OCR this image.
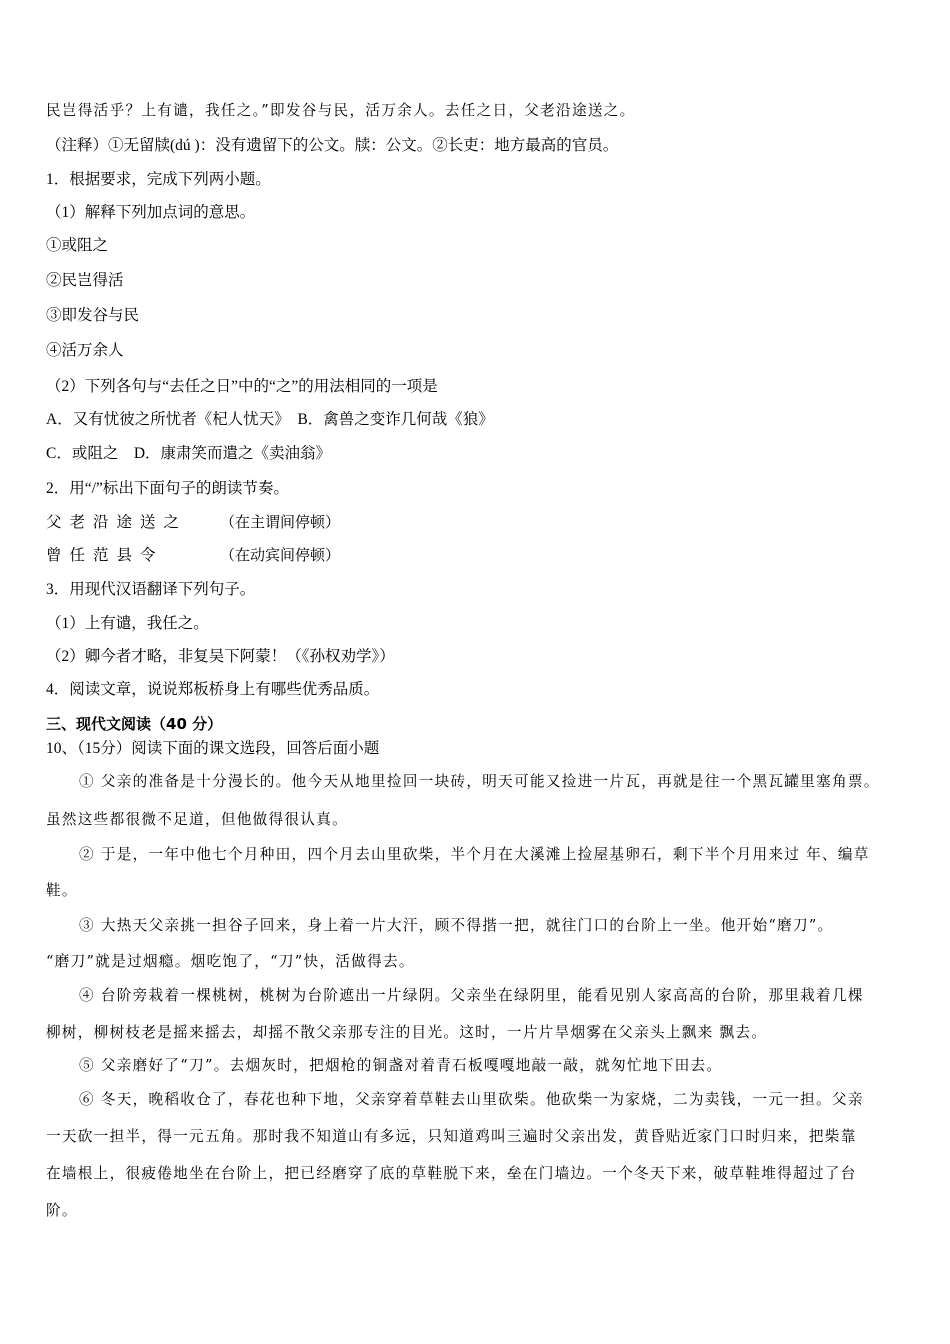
民岂得活乎？上有谴，我任之。”即发谷与民，活万余人。去任之日，父老沿途送之。
（注释）①无留牍(dú )：没有遗留下的公文。牍：公文。②长吏：地方最高的官员。
1．根据要求，完成下列两小题。
（1）解释下列加点词的意思。
①或阻之
②民岂得活
③即发谷与民
④活万余人
（2）下列各句与“去任之日”中的“之”的用法相同的一项是
A．又有忧彼之所忧者《杞人忧天》　B．禽兽之变诈几何哉《狼》
C．或阻之　D．康肃笑而遣之《卖油翁》
2．用“/”标出下面句子的朗读节奏。
父老沿途送之 （在主谓间停顿）
曾任范县令	（在动宾间停顿）
3．用现代汉语翻译下列句子。
（1）上有谴，我任之。
（2）卿今者才略，非复吴下阿蒙！（《孙权劝学》）
4．阅读文章，说说郑板桥身上有哪些优秀品质。
三、现代文阅读（40 分）
10、（15分）阅读下面的课文选段，回答后面小题
① 父亲的准备是十分漫长的。他今天从地里捡回一块砖，明天可能又捡进一片瓦，再就是往一个黑瓦罐里塞角票。
虽然这些都很微不足道，但他做得很认真。
② 于是，一年中他七个月种田，四个月去山里砍柴，半个月在大溪滩上捡屋基卵石，剩下半个月用来过 年、编草
鞋。
③ 大热天父亲挑一担谷子回来，身上着一片大汗，顾不得揩一把，就往门口的台阶上一坐。他开始“磨刀”。
“磨刀”就是过烟瘾。烟吃饱了，“刀”快，活做得去。
④ 台阶旁栽着一棵桃树，桃树为台阶遮出一片绿阴。父亲坐在绿阴里，能看见别人家高高的台阶，那里栽着几棵
柳树，柳树枝老是摇来摇去，却摇不散父亲那专注的目光。这时，一片片旱烟雾在父亲头上飘来 飘去。
⑤ 父亲磨好了“刀”。去烟灰时，把烟枪的铜盏对着青石板嘎嘎地敲一敲，就匆忙地下田去。
⑥ 冬天，晚稻收仓了，春花也种下地，父亲穿着草鞋去山里砍柴。他砍柴一为家烧，二为卖钱，一元一担。父亲
一天砍一担半，得一元五角。那时我不知道山有多远，只知道鸡叫三遍时父亲出发，黄昏贴近家门口时归来，把柴靠
在墙根上，很疲倦地坐在台阶上，把已经磨穿了底的草鞋脱下来，垒在门墙边。一个冬天下来，破草鞋堆得超过了台
阶。
